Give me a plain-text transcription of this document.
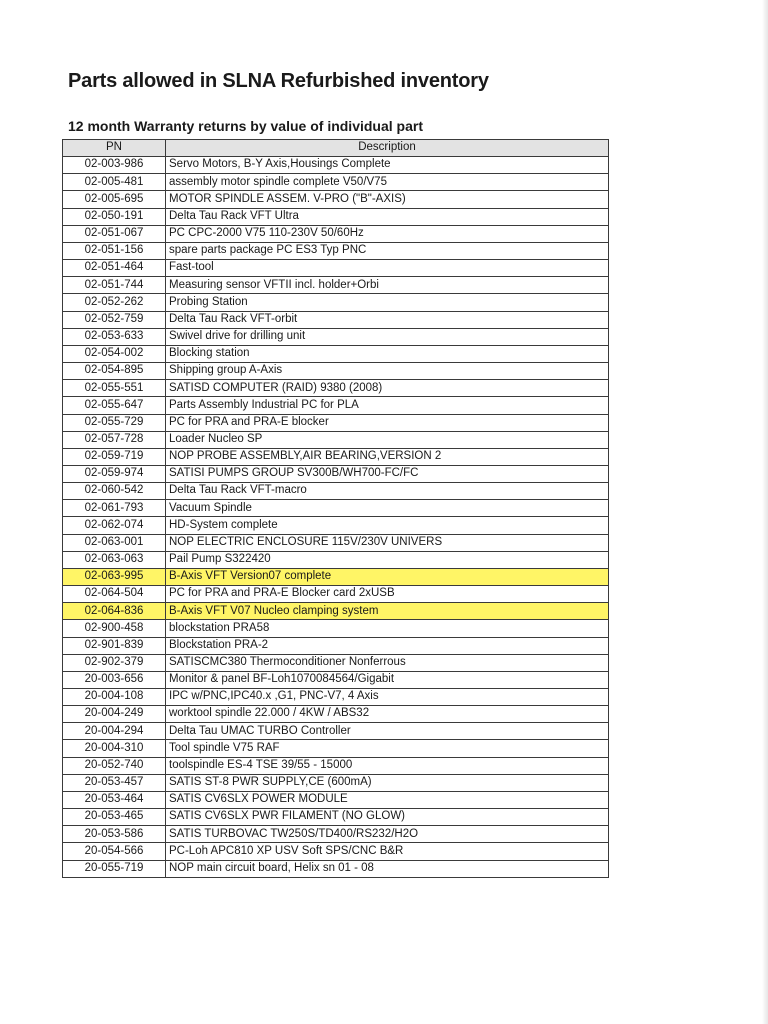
Parts allowed in SLNA Refurbished inventory
12 month Warranty returns by value of individual part
PN	Description
02-003-986	Servo Motors, B-Y Axis,Housings Complete
02-005-481	assembly motor spindle complete V50/V75
02-005-695	MOTOR SPINDLE ASSEM. V-PRO ("B"-AXIS)
02-050-191	Delta Tau Rack VFT Ultra
02-051-067	PC CPC-2000 V75 110-230V 50/60Hz
02-051-156	spare parts package PC ES3 Typ PNC
02-051-464	Fast-tool
02-051-744	Measuring sensor VFTII incl. holder+Orbi
02-052-262	Probing Station
02-052-759	Delta Tau Rack VFT-orbit
02-053-633	Swivel drive for drilling unit
02-054-002	Blocking station
02-054-895	Shipping group A-Axis
02-055-551	SATISD COMPUTER (RAID) 9380 (2008)
02-055-647	Parts Assembly Industrial PC for PLA
02-055-729	PC for PRA and PRA-E blocker
02-057-728	Loader Nucleo SP
02-059-719	NOP PROBE ASSEMBLY,AIR BEARING,VERSION 2
02-059-974	SATISI PUMPS GROUP SV300B/WH700-FC/FC
02-060-542	Delta Tau Rack VFT-macro
02-061-793	Vacuum Spindle
02-062-074	HD-System complete
02-063-001	NOP ELECTRIC ENCLOSURE 115V/230V UNIVERS
02-063-063	Pail Pump S322420
02-063-995	B-Axis VFT Version07 complete
02-064-504	PC for PRA and PRA-E Blocker card 2xUSB
02-064-836	B-Axis VFT V07 Nucleo clamping system
02-900-458	blockstation PRA58
02-901-839	Blockstation PRA-2
02-902-379	SATISCMC380 Thermoconditioner Nonferrous
20-003-656	Monitor & panel BF-Loh1070084564/Gigabit
20-004-108	IPC w/PNC,IPC40.x ,G1, PNC-V7, 4 Axis
20-004-249	worktool spindle 22.000 / 4KW / ABS32
20-004-294	Delta Tau UMAC TURBO Controller
20-004-310	Tool spindle V75 RAF
20-052-740	toolspindle ES-4 TSE 39/55 - 15000
20-053-457	SATIS ST-8 PWR SUPPLY,CE (600mA)
20-053-464	SATIS CV6SLX POWER MODULE
20-053-465	SATIS CV6SLX PWR FILAMENT (NO GLOW)
20-053-586	SATIS TURBOVAC TW250S/TD400/RS232/H2O
20-054-566	PC-Loh APC810 XP USV Soft SPS/CNC B&R
20-055-719	NOP main circuit board, Helix sn 01 - 08
